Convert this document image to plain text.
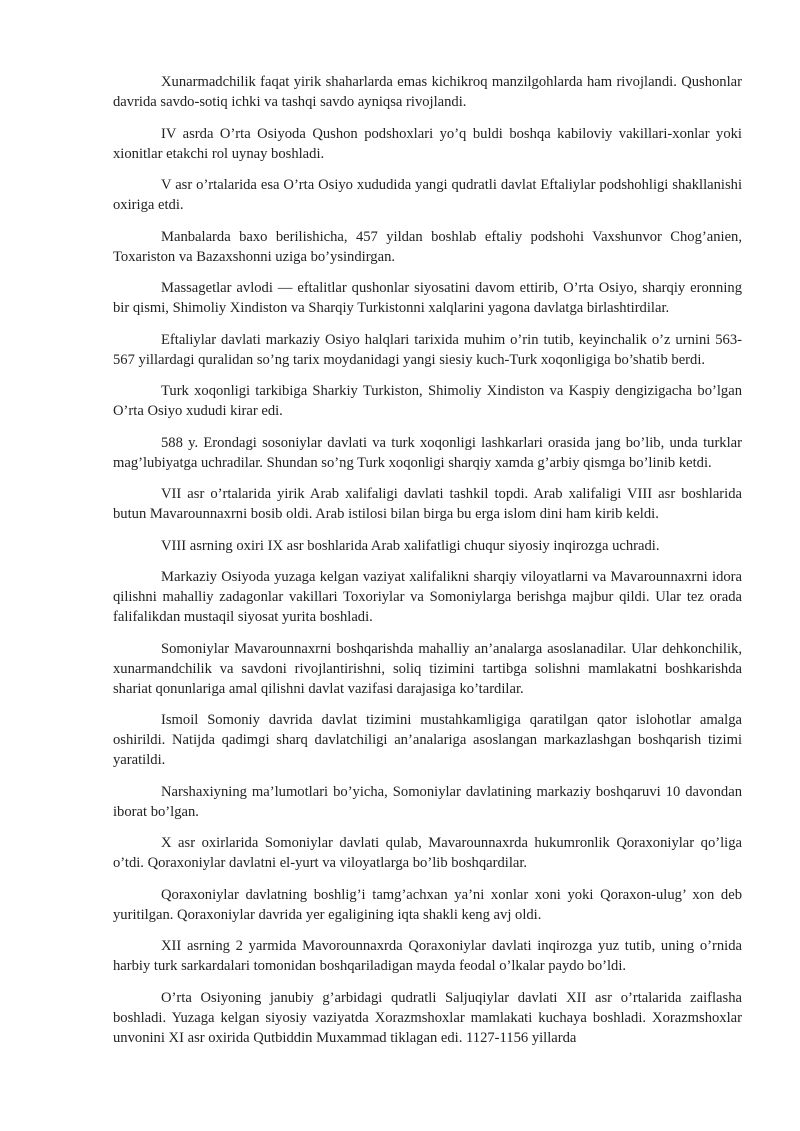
Xunarmadchilik faqat yirik shaharlarda emas kichikroq manzilgohlarda ham rivojlandi. Qushonlar davrida savdo-sotiq ichki va tashqi savdo ayniqsa rivojlandi.

IV asrda O’rta Osiyoda Qushon podshoxlari yo’q buldi boshqa kabiloviy vakillari-xonlar yoki xionitlar etakchi rol uynay boshladi.

V asr o’rtalarida esa O’rta Osiyo xududida yangi qudratli davlat Eftaliylar podshohligi shakllanishi oxiriga etdi.

Manbalarda baxo berilishicha, 457 yildan boshlab eftaliy podshohi Vaxshunvor Chog’anien, Toxariston va Bazaxshonni uziga bo’ysindirgan.

Massagetlar avlodi — eftalitlar qushonlar siyosatini davom ettirib, O’rta Osiyo, sharqiy eronning bir qismi, Shimoliy Xindiston va Sharqiy Turkistonni xalqlarini yagona davlatga birlashtirdilar.

Eftaliylar davlati markaziy Osiyo halqlari tarixida muhim o’rin tutib, keyinchalik o’z urnini 563-567 yillardagi quralidan so’ng tarix moydanidagi yangi siesiy kuch-Turk xoqonligiga bo’shatib berdi.

Turk xoqonligi tarkibiga Sharkiy Turkiston, Shimoliy Xindiston va Kaspiy dengizigacha bo’lgan O’rta Osiyo xududi kirar edi.

588 y. Erondagi sosoniylar davlati va turk xoqonligi lashkarlari orasida jang bo’lib, unda turklar mag’lubiyatga uchradilar. Shundan so’ng Turk xoqonligi sharqiy xamda g’arbiy qismga bo’linib ketdi.

VII asr o’rtalarida yirik Arab xalifaligi davlati tashkil topdi. Arab xalifaligi VIII asr boshlarida butun Mavarounnaxrni bosib oldi. Arab istilosi bilan birga bu erga islom dini ham kirib keldi.

VIII asrning oxiri IX asr boshlarida Arab xalifatligi chuqur siyosiy inqirozga uchradi.

Markaziy Osiyoda yuzaga kelgan vaziyat xalifalikni sharqiy viloyatlarni va Mavarounnaxrni idora qilishni mahalliy zadagonlar vakillari Toxoriylar va Somoniylarga berishga majbur qildi. Ular tez orada falifalikdan mustaqil siyosat yurita boshladi.

Somoniylar Mavarounnaxrni boshqarishda mahalliy an’analarga asoslanadilar. Ular dehkonchilik, xunarmandchilik va savdoni rivojlantirishni, soliq tizimini tartibga solishni mamlakatni boshkarishda shariat qonunlariga amal qilishni davlat vazifasi darajasiga ko’tardilar.

Ismoil Somoniy davrida davlat tizimini mustahkamligiga qaratilgan qator islohotlar amalga oshirildi. Natijda qadimgi sharq davlatchiligi an’analariga asoslangan markazlashgan boshqarish tizimi yaratildi.

Narshaxiyning ma’lumotlari bo’yicha, Somoniylar davlatining markaziy boshqaruvi 10 davondan iborat bo’lgan.

X asr oxirlarida Somoniylar davlati qulab, Mavarounnaxrda hukumronlik Qoraxoniylar qo’liga o’tdi. Qoraxoniylar davlatni el-yurt va viloyatlarga bo’lib boshqardilar.

Qoraxoniylar davlatning boshlig’i tamg’achxan ya’ni xonlar xoni yoki Qoraxon-ulug’ xon deb yuritilgan. Qoraxoniylar davrida yer egaligining iqta shakli keng avj oldi.

XII asrning 2 yarmida Mavorounnaxrda Qoraxoniylar davlati inqirozga yuz tutib, uning o’rnida harbiy turk sarkardalari tomonidan boshqariladigan mayda feodal o’lkalar paydo bo’ldi.

O’rta Osiyoning janubiy g’arbidagi qudratli Saljuqiylar davlati XII asr o’rtalarida zaiflasha boshladi. Yuzaga kelgan siyosiy vaziyatda Xorazmshoxlar mamlakati kuchaya boshladi. Xorazmshoxlar unvonini XI asr oxirida Qutbiddin Muxammad tiklagan edi. 1127-1156 yillarda
